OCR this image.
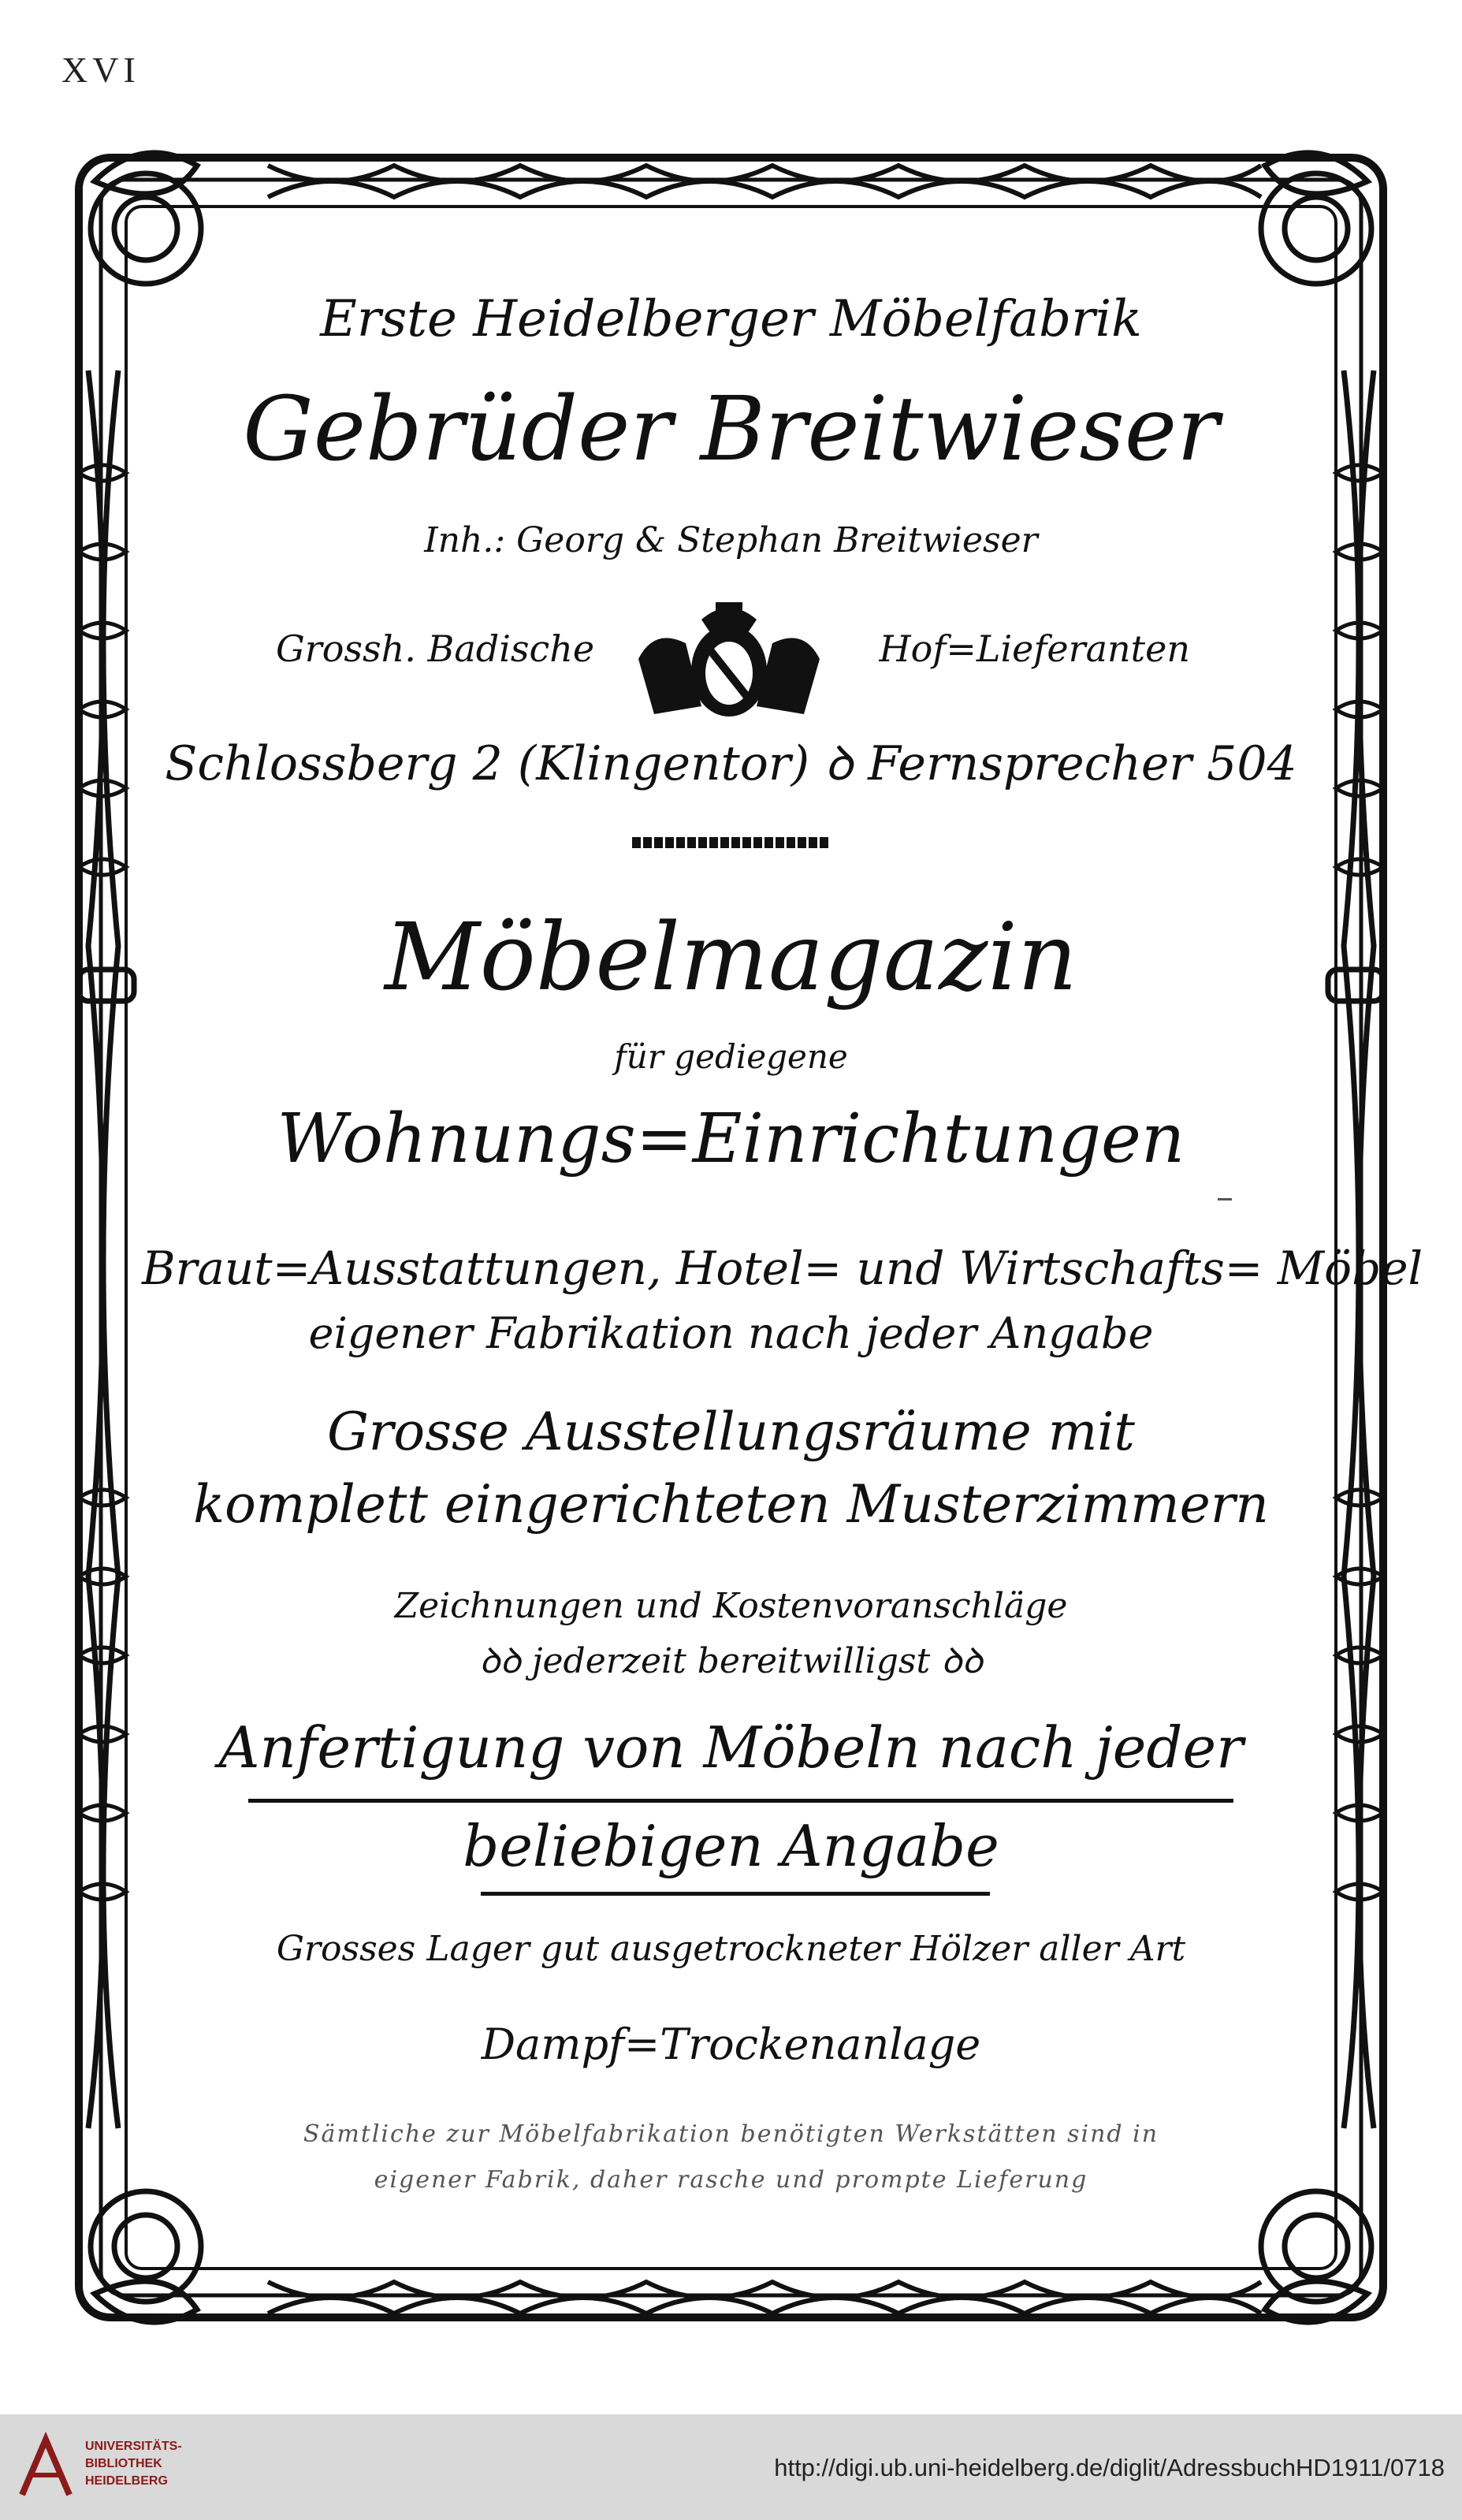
XVI
Erste Heidelberger Möbelfabrik
Gebrüder Breitwieser
Inh.: Georg & Stephan Breitwieser
Grossh. Badische	Hof=Lieferanten
Schlossberg 2 (Klingentor) ꝺ Fernsprecher 504
Möbelmagazin
für gediegene
Wohnungs=Einrichtungen
Braut=Ausstattungen, Hotel= und Wirtschafts= Möbel
eigener Fabrikation nach jeder Angabe
Grosse Ausstellungsräume mit
komplett eingerichteten Musterzimmern
Zeichnungen und Kostenvoranschläge
ꝺꝺ jederzeit bereitwilligst ꝺꝺ
Anfertigung von Möbeln nach jeder
beliebigen Angabe
Grosses Lager gut ausgetrockneter Hölzer aller Art
Dampf=Trockenanlage
Sämtliche zur Möbelfabrikation benötigten Werkstätten sind in
eigener Fabrik, daher rasche und prompte Lieferung
UNIVERSITÄTS-
BIBLIOTHEK
HEIDELBERG	http://digi.ub.uni-heidelberg.de/diglit/AdressbuchHD1911/0718
